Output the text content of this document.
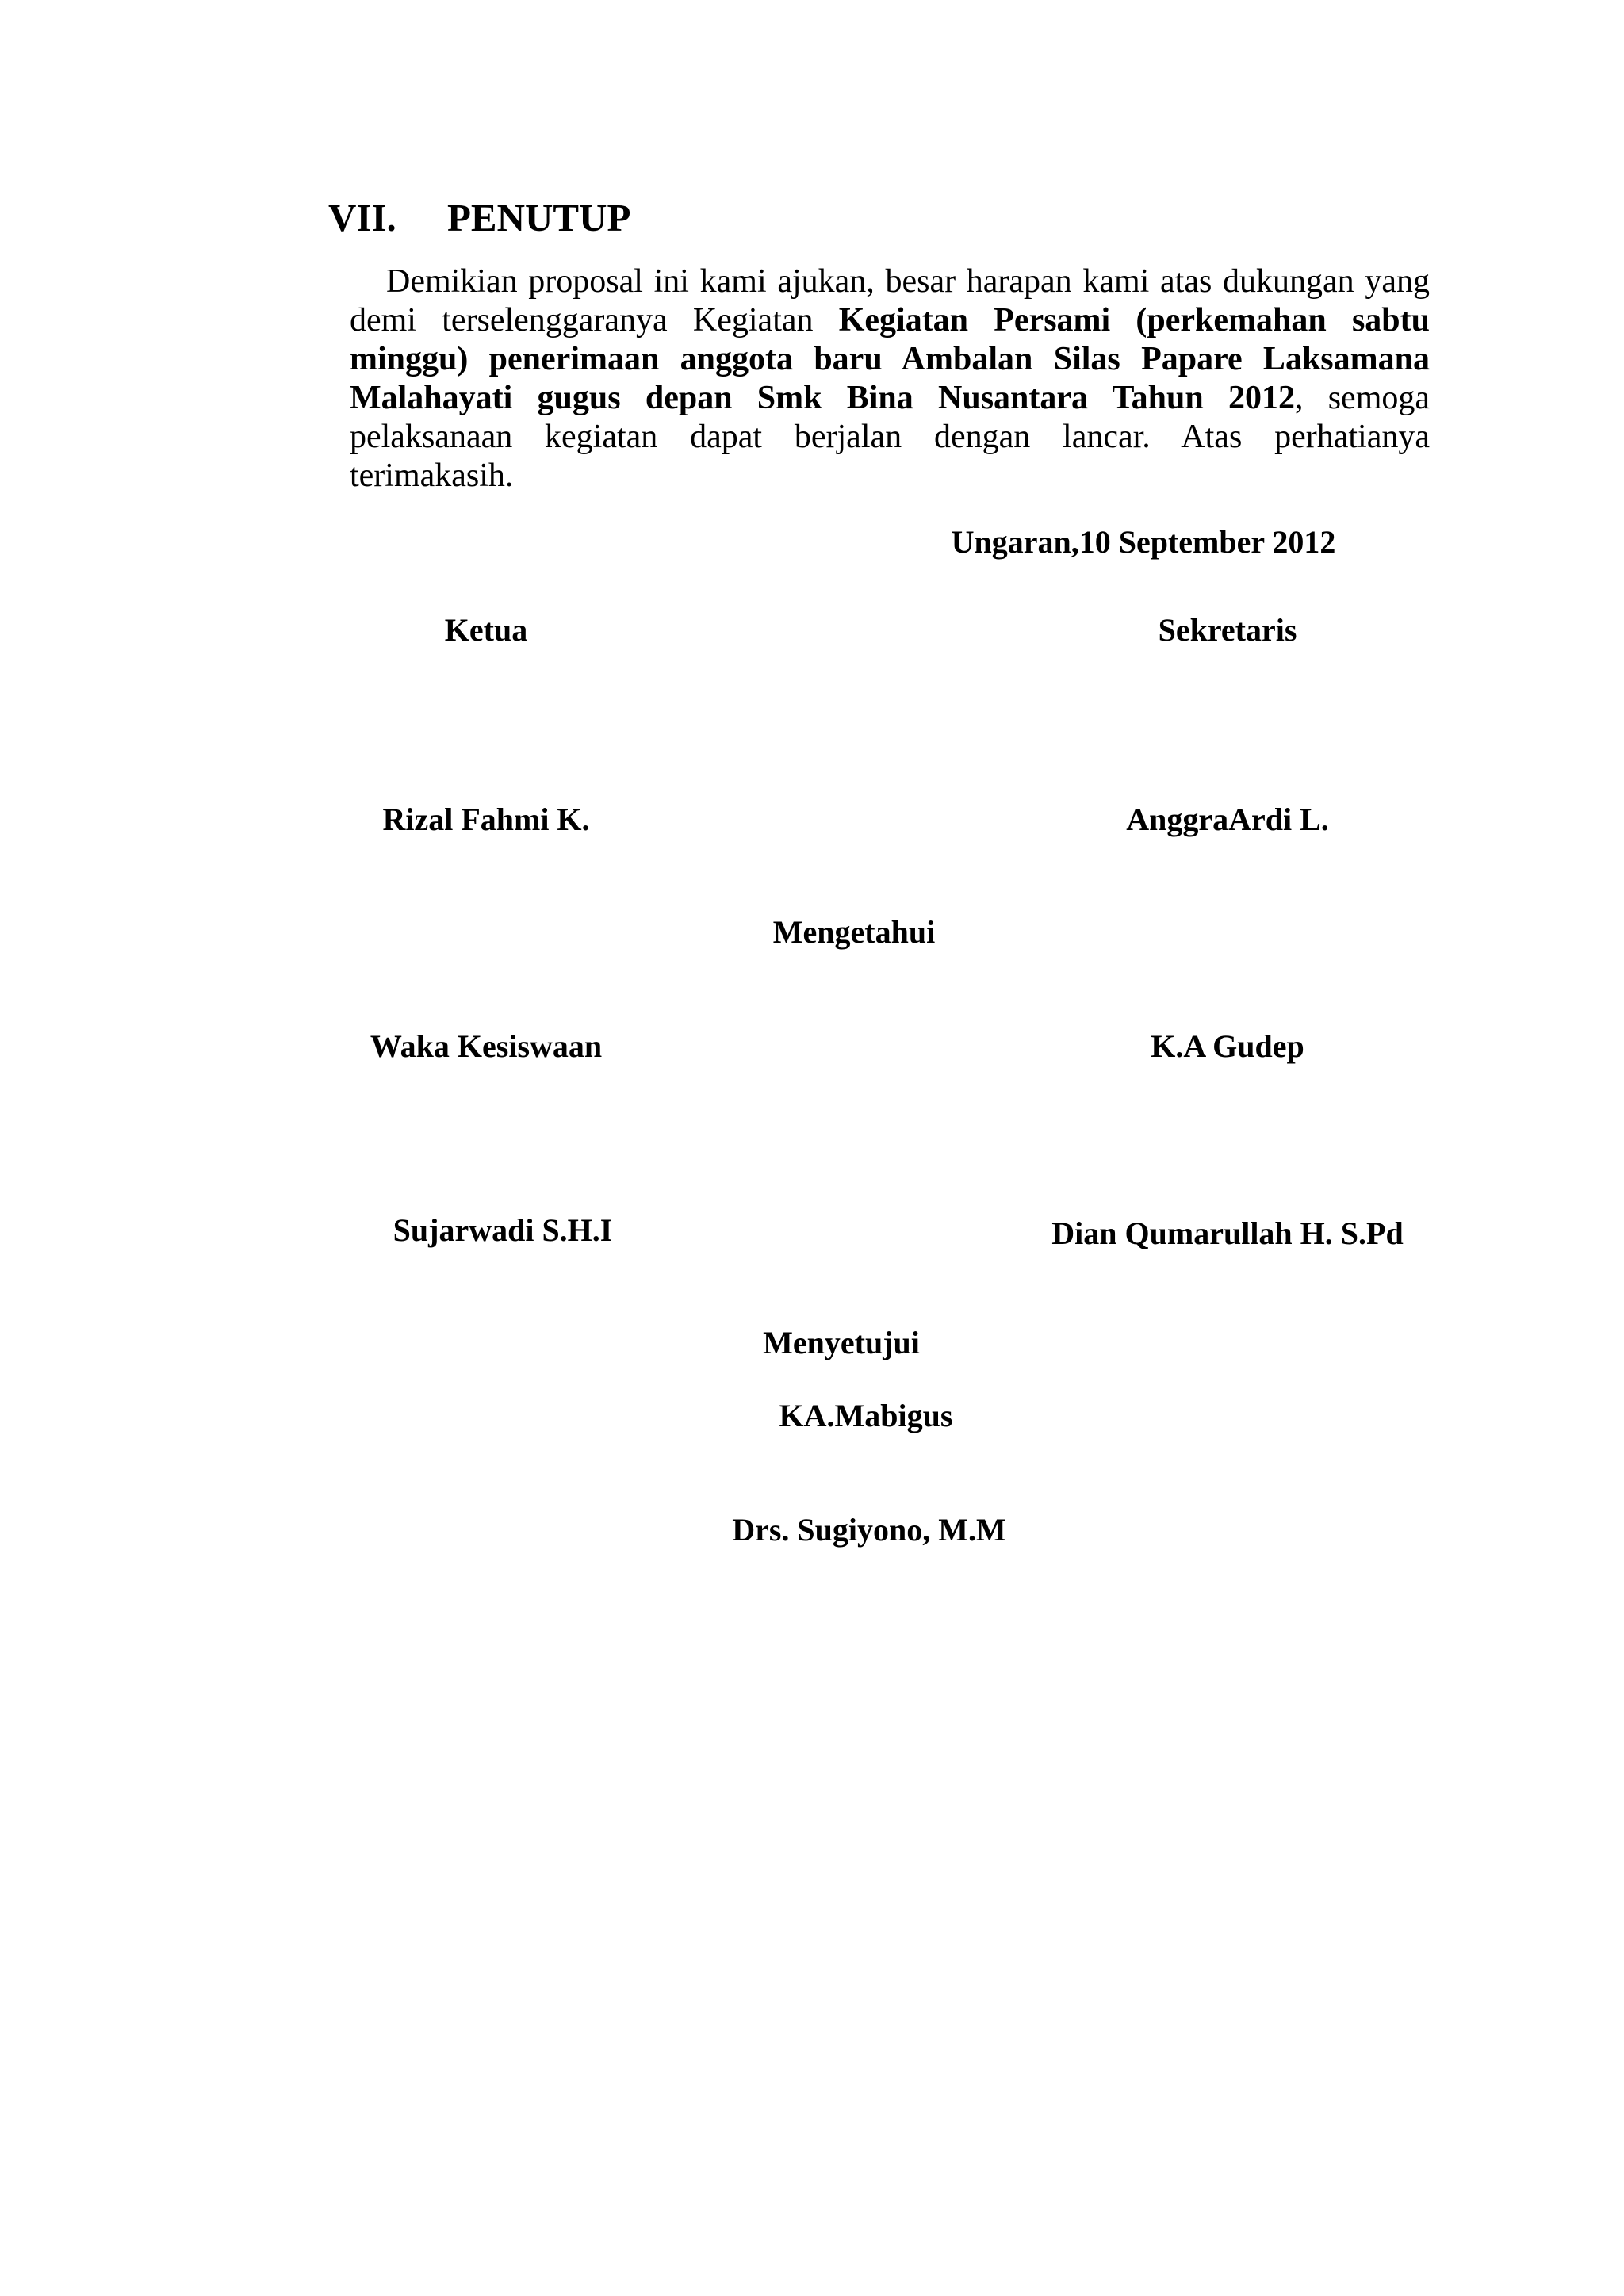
VII. PENUTUP
Demikian proposal ini kami ajukan, besar harapan kami atas dukungan yang demi terselenggaranya Kegiatan Kegiatan Persami (perkemahan sabtu minggu) penerimaan anggota baru Ambalan Silas Papare Laksamana Malahayati gugus depan Smk Bina Nusantara Tahun 2012, semoga pelaksanaan kegiatan dapat berjalan dengan lancar. Atas perhatianya terimakasih.
Ungaran,10 September 2012
Ketua	Sekretaris
Rizal Fahmi K.	AnggraArdi L.
Mengetahui
Waka Kesiswaan	K.A Gudep
Sujarwadi S.H.I	Dian Qumarullah H. S.Pd
Menyetujui
KA.Mabigus
Drs. Sugiyono, M.M
